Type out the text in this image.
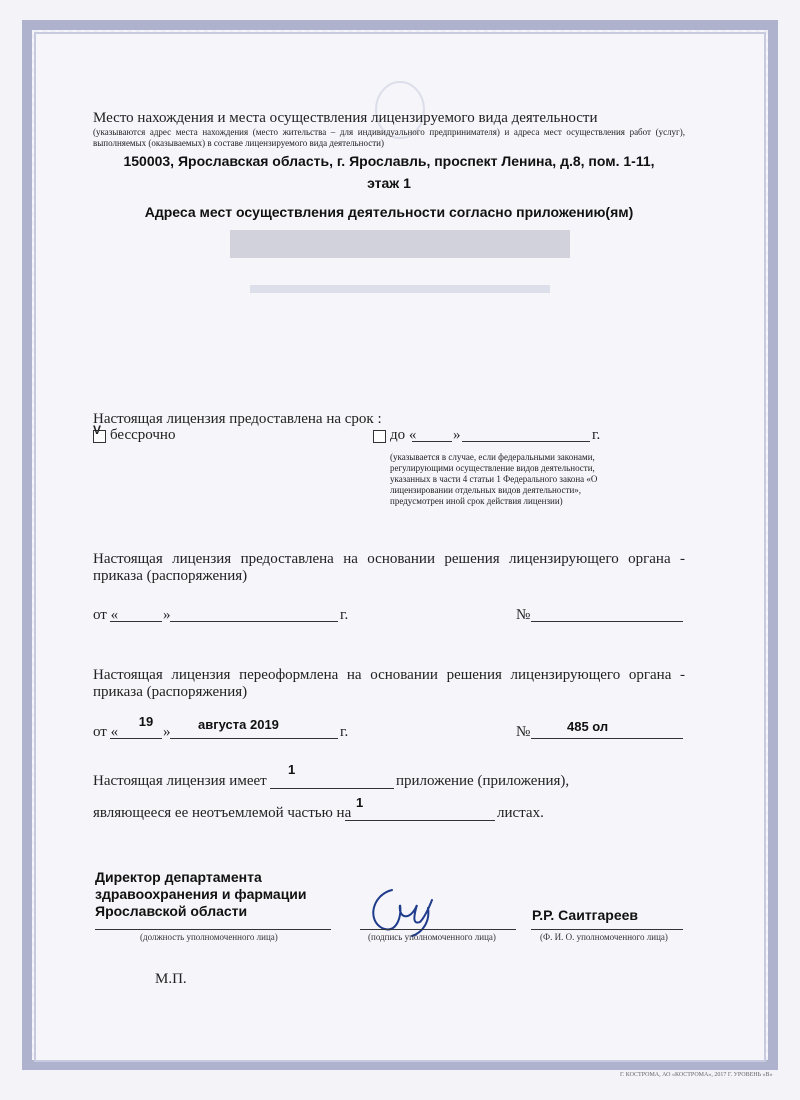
Место нахождения и места осуществления лицензируемого вида деятельности
(указываются адрес места нахождения (место жительства – для индивидуального предпринимателя) и адреса мест осуществления работ (услуг), выполняемых (оказываемых) в составе лицензируемого вида деятельности)
150003, Ярославская область, г. Ярославль, проспект Ленина, д.8, пом. 1-11,
этаж 1
Адреса мест осуществления деятельности согласно приложению(ям)
Настоящая лицензия предоставлена на срок :
V бессрочно	до « »	г.
(указывается в случае, если федеральными законами, регулирующими осуществление видов деятельности, указанных в части 4 статьи 1 Федерального закона «О лицензировании отдельных видов деятельности», предусмотрен иной срок действия лицензии)
Настоящая лицензия предоставлена на основании решения лицензирующего органа - приказа (распоряжения)
от «	»	г.	№
Настоящая лицензия переоформлена на основании решения лицензирующего органа - приказа (распоряжения)
от «
19
» августа 2019	г.	№	485 ол
Настоящая лицензия имеет
1
приложение (приложения),
являющееся ее неотъемлемой частью на
1
листах.
Директор департамента
здравоохранения и фармации
Ярославской области
(должность уполномоченного лица)	(подпись уполномоченного лица)
Р.Р. Саитгареев
(Ф. И. О. уполномоченного лица)
М.П.
Г. КОСТРОМА, АО «КОСТРОМА», 2017 Г. УРОВЕНЬ «В»
